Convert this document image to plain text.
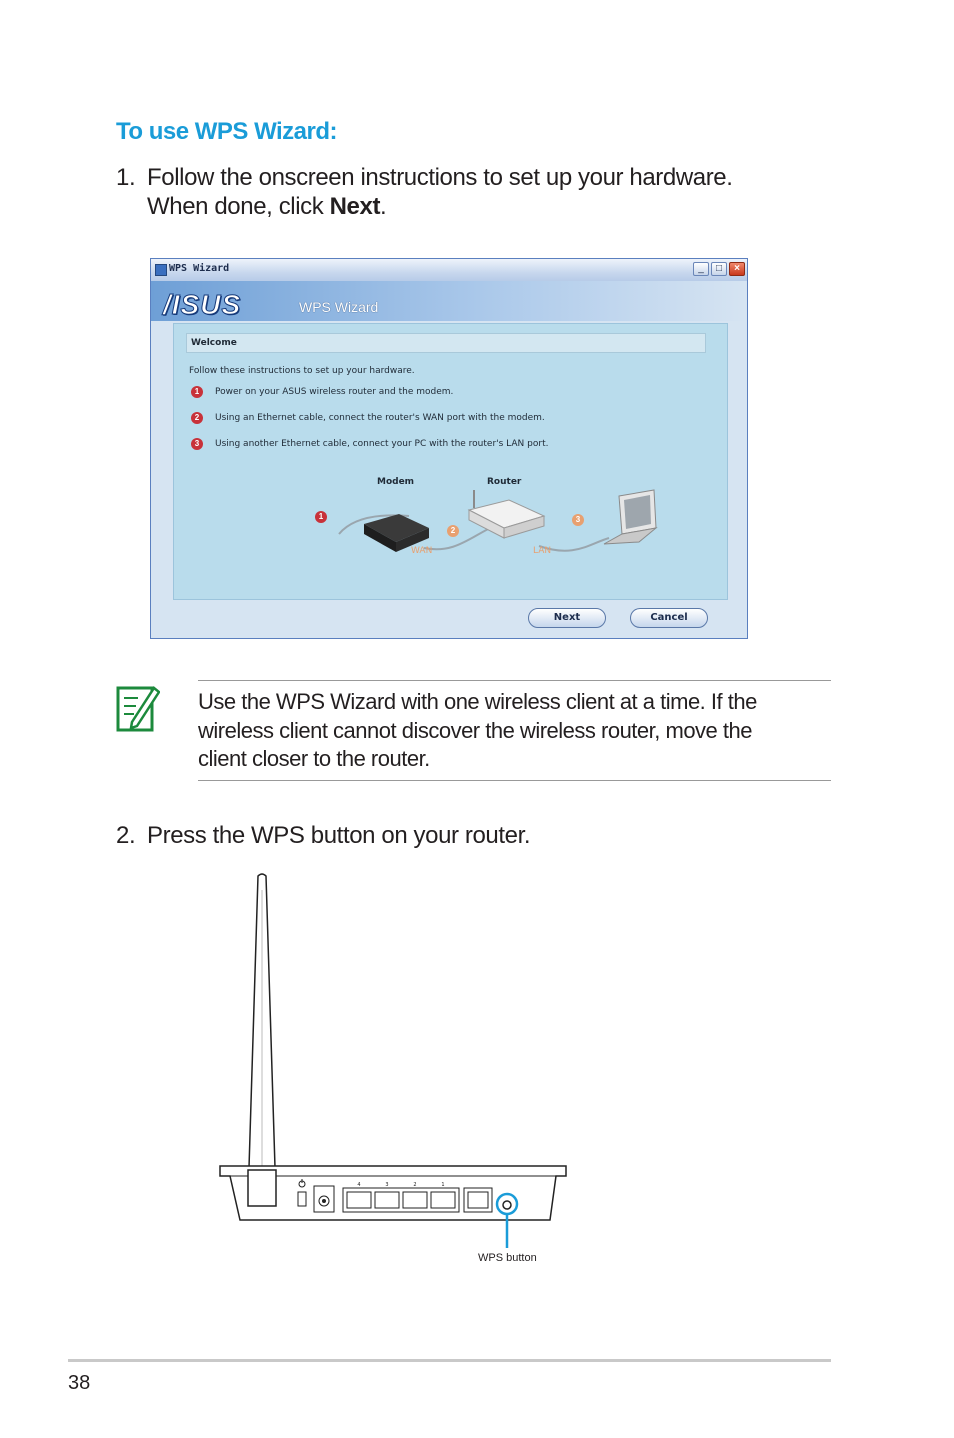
To use WPS Wizard:
1. Follow the onscreen instructions to set up your hardware.
When done, click Next.
WPS Wizard	_	□	×
/ISUS	WPS Wizard
Welcome
Follow these instructions to set up your hardware.
1	Power on your ASUS wireless router and the modem.
2	Using an Ethernet cable, connect the router's WAN port with the modem.
3	Using another Ethernet cable, connect your PC with the router's LAN port.
Modem	Router
1
2
3
WAN	LAN
Next	Cancel
Use the WPS Wizard with one wireless client at a time. If the
wireless client cannot discover the wireless router, move the
client closer to the router.
2. Press the WPS button on your router.
4	3	2	1
WPS button
38
